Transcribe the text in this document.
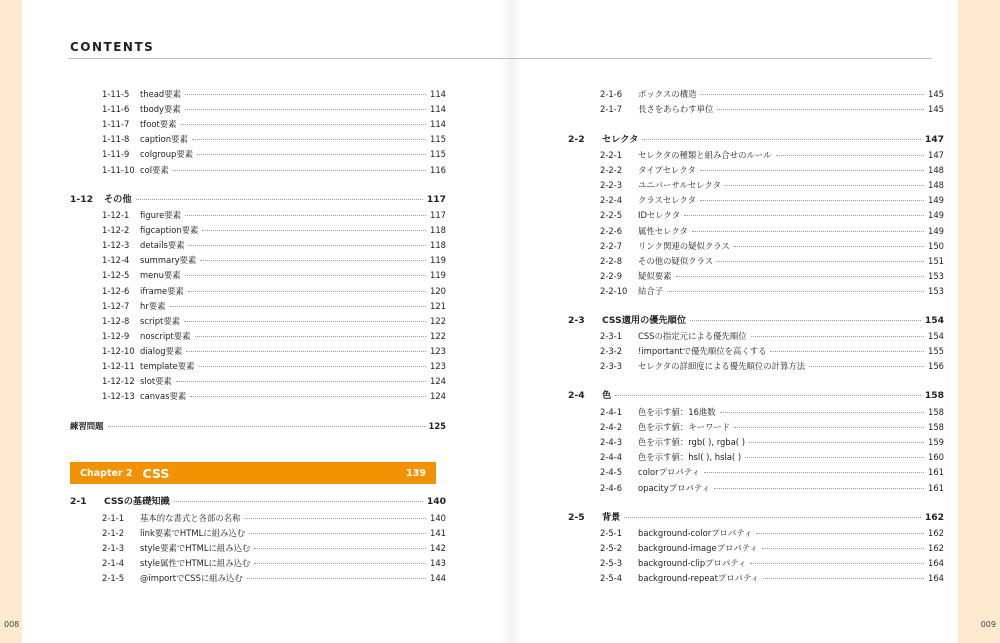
CONTENTS
1-11-5	thead要素	114
1-11-6	tbody要素	114
1-11-7	tfoot要素	114
1-11-8	caption要素	115
1-11-9	colgroup要素	115
1-11-10 col要素	116
1-12	その他	117
1-12-1	figure要素	117
1-12-2	figcaption要素	118
1-12-3	details要素	118
1-12-4	summary要素	119
1-12-5	menu要素	119
1-12-6	iframe要素	120
1-12-7	hr要素	121
1-12-8	script要素	122
1-12-9	noscript要素	122
1-12-10 dialog要素	123
1-12-11 template要素	123
1-12-12 slot要素	124
1-12-13 canvas要素	124
練習問題	125
Chapter 2 CSS	139
2-1	CSSの基礎知識	140
2-1-1	基本的な書式と各部の名称	140
2-1-2	link要素でHTMLに組み込む	141
2-1-3	style要素でHTMLに組み込む	142
2-1-4	style属性でHTMLに組み込む	143
2-1-5	@importでCSSに組み込む	144
2-1-6	ボックスの構造	145
2-1-7	長さをあらわす単位	145
2-2	セレクタ	147
2-2-1	セレクタの種類と組み合せのルール	147
2-2-2	タイプセレクタ	148
2-2-3	ユニバーサルセレクタ	148
2-2-4	クラスセレクタ	149
2-2-5	IDセレクタ	149
2-2-6	属性セレクタ	149
2-2-7	リンク関連の疑似クラス	150
2-2-8	その他の疑似クラス	151
2-2-9	疑似要素	153
2-2-10	結合子	153
2-3	CSS適用の優先順位	154
2-3-1	CSSの指定元による優先順位	154
2-3-2	!importantで優先順位を高くする	155
2-3-3	セレクタの詳細度による優先順位の計算方法	156
2-4	色	158
2-4-1	色を示す値：16進数	158
2-4-2	色を示す値：キーワード	158
2-4-3	色を示す値：rgb( ), rgba( )	159
2-4-4	色を示す値：hsl( ), hsla( )	160
2-4-5	colorプロパティ	161
2-4-6	opacityプロパティ	161
2-5	背景	162
2-5-1	background-colorプロパティ	162
2-5-2	background-imageプロパティ	162
2-5-3	background-clipプロパティ	164
2-5-4	background-repeatプロパティ	164
008	009
